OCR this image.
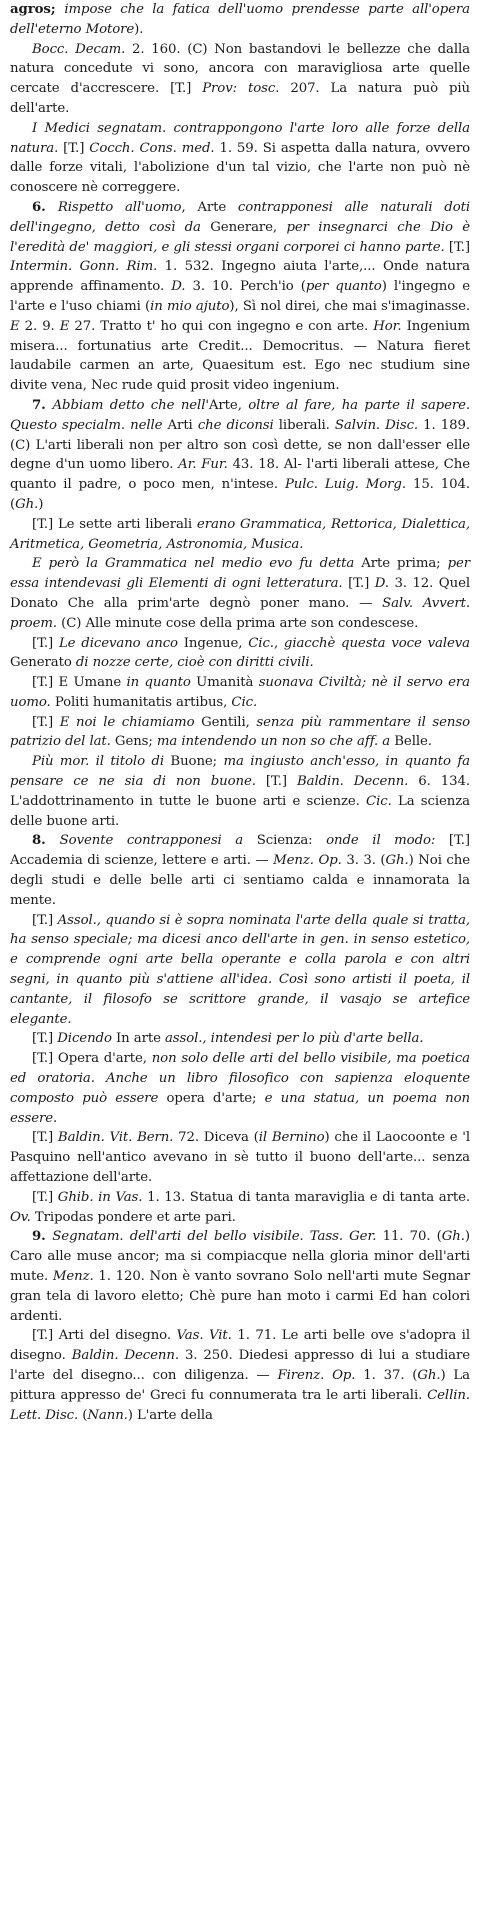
agros; impose che la fatica dell'uomo prendesse parte all'opera dell'eterno Motore).

Bocc. Decam. 2. 160. (C) Non bastandovi le bellezze che dalla natura concedute vi sono, ancora con maravigliosa arte quelle cercate d'accrescere. [T.] Prov: tosc. 207. La natura può più dell'arte.

I Medici segnatam. contrappongono l'arte loro alle forze della natura. [T.] Cocch. Cons. med. 1. 59. Si aspetta dalla natura, ovvero dalle forze vitali, l'abolizione d'un tal vizio, che l'arte non può nè conoscere nè correggere.

6. Rispetto all'uomo, Arte contrapponesi alle naturali doti dell'ingegno, detto così da Generare, per insegnarci che Dio è l'eredità de' maggiori, e gli stessi organi corporei ci hanno parte. [T.] Intermin. Gonn. Rim. 1. 532. Ingegno aiuta l'arte,... Onde natura apprende affinamento. D. 3. 10. Perch'io (per quanto) l'ingegno e l'arte e l'uso chiami (in mio ajuto), Sì nol direi, che mai s'imaginasse. E 2. 9. E 27. Tratto t' ho qui con ingegno e con arte. Hor. Ingenium misera... fortunatius arte Credit... Democritus. — Natura fieret laudabile carmen an arte, Quaesitum est. Ego nec studium sine divite vena, Nec rude quid prosit video ingenium.

7. Abbiam detto che nell'Arte, oltre al fare, ha parte il sapere. Questo specialm. nelle Arti che diconsi liberali. Salvin. Disc. 1. 189. (C) L'arti liberali non per altro son così dette, se non dall'esser elle degne d'un uomo libero. Ar. Fur. 43. 18. Al- l'arti liberali attese, Che quanto il padre, o poco men, n'intese. Pulc. Luig. Morg. 15. 104. (Gh.)

[T.] Le sette arti liberali erano Grammatica, Rettorica, Dialettica, Aritmetica, Geometria, Astronomia, Musica.

E però la Grammatica nel medio evo fu detta Arte prima; per essa intendevasi gli Elementi di ogni letteratura. [T.] D. 3. 12. Quel Donato Che alla prim'arte degnò poner mano. — Salv. Avvert. proem. (C) Alle minute cose della prima arte son condescese.

[T.] Le dicevano anco Ingenue, Cic., giacchè questa voce valeva Generato di nozze certe, cioè con diritti civili.

[T.] E Umane in quanto Umanità suonava Civiltà; nè il servo era uomo. Politi humanitatis artibus, Cic.

[T.] E noi le chiamiamo Gentili, senza più rammentare il senso patrizio del lat. Gens; ma intendendo un non so che aff. a Belle.

Più mor. il titolo di Buone; ma ingiusto anch'esso, in quanto fa pensare ce ne sia di non buone. [T.] Baldin. Decenn. 6. 134. L'addottrinamento in tutte le buone arti e scienze. Cic. La scienza delle buone arti.

8. Sovente contrapponesi a Scienza: onde il modo: [T.] Accademia di scienze, lettere e arti. — Menz. Op. 3. 3. (Gh.) Noi che degli studi e delle belle arti ci sentiamo calda e innamorata la mente.

[T.] Assol., quando si è sopra nominata l'arte della quale si tratta, ha senso speciale; ma dicesi anco dell'arte in gen. in senso estetico, e comprende ogni arte bella operante e colla parola e con altri segni, in quanto più s'attiene all'idea. Così sono artisti il poeta, il cantante, il filosofo se scrittore grande, il vasajo se artefice elegante.

[T.] Dicendo In arte assol., intendesi per lo più d'arte bella.

[T.] Opera d'arte, non solo delle arti del bello visibile, ma poetica ed oratoria. Anche un libro filosofico con sapienza eloquente composto può essere opera d'arte; e una statua, un poema non essere.

[T.] Baldin. Vit. Bern. 72. Diceva (il Bernino) che il Laocoonte e 'l Pasquino nell'antico avevano in sè tutto il buono dell'arte... senza affettazione dell'arte.

[T.] Ghib. in Vas. 1. 13. Statua di tanta maraviglia e di tanta arte. Ov. Tripodas pondere et arte pari.

9. Segnatam. dell'arti del bello visibile. Tass. Ger. 11. 70. (Gh.) Caro alle muse ancor; ma si compiacque nella gloria minor dell'arti mute. Menz. 1. 120. Non è vanto sovrano Solo nell'arti mute Segnar gran tela di lavoro eletto; Chè pure han moto i carmi Ed han colori ardenti.

[T.] Arti del disegno. Vas. Vit. 1. 71. Le arti belle ove s'adopra il disegno. Baldin. Decenn. 3. 250. Diedesi appresso di lui a studiare l'arte del disegno... con diligenza. — Firenz. Op. 1. 37. (Gh.) La pittura appresso de' Greci fu connumerata tra le arti liberali. Cellin. Lett. Disc. (Nann.) L'arte della
